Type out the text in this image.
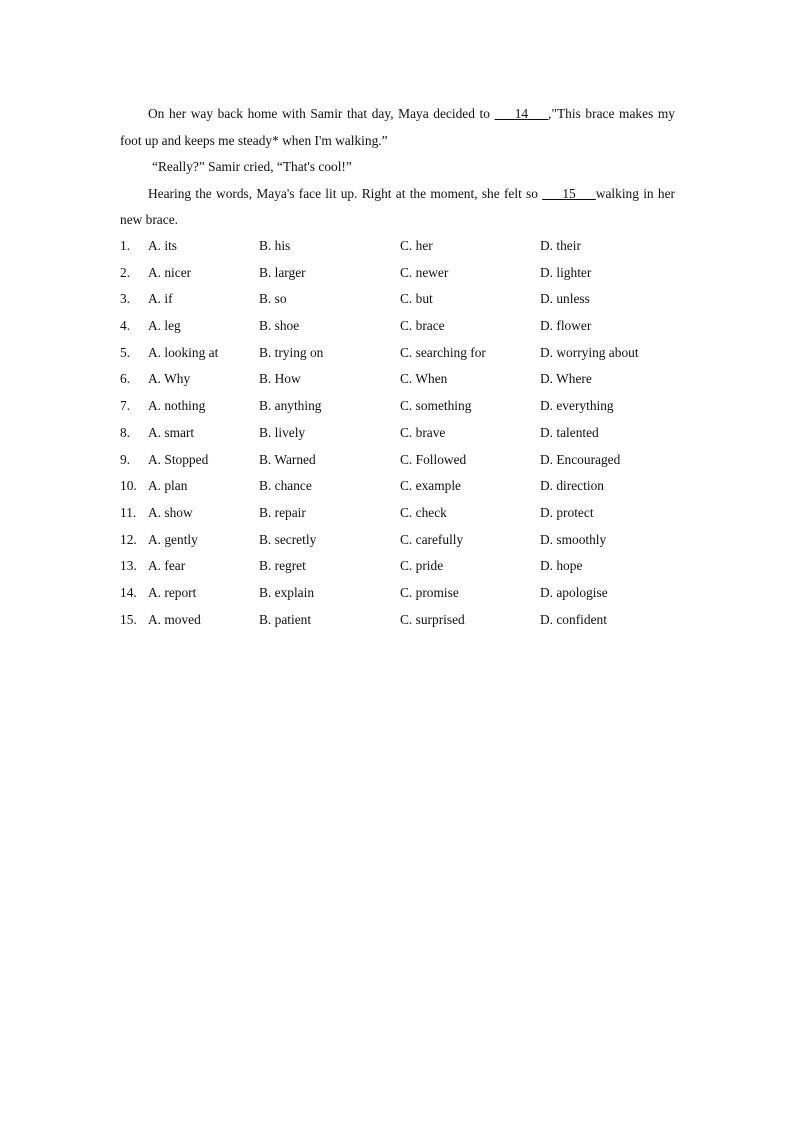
On her way back home with Samir that day, Maya decided to ___14___,"This brace makes my foot up and keeps me steady* when I'm walking.”

“Really?” Samir cried, “That's cool!”

Hearing the words, Maya's face lit up. Right at the moment, she felt so ___15___walking in her new brace.

1. A. its	B. his	C. her	D. their
2. A. nicer	B. larger	C. newer	D. lighter
3. A. if	B. so	C. but	D. unless
4. A. leg	B. shoe	C. brace	D. flower
5. A. looking at	B. trying on	C. searching for	D. worrying about
6. A. Why	B. How	C. When	D. Where
7. A. nothing	B. anything	C. something	D. everything
8. A. smart	B. lively	C. brave	D. talented
9. A. Stopped	B. Warned	C. Followed	D. Encouraged
10. A. plan	B. chance	C. example	D. direction
11. A. show	B. repair	C. check	D. protect
12. A. gently	B. secretly	C. carefully	D. smoothly
13. A. fear	B. regret	C. pride	D. hope
14. A. report	B. explain	C. promise	D. apologise
15. A. moved	B. patient	C. surprised	D. confident
